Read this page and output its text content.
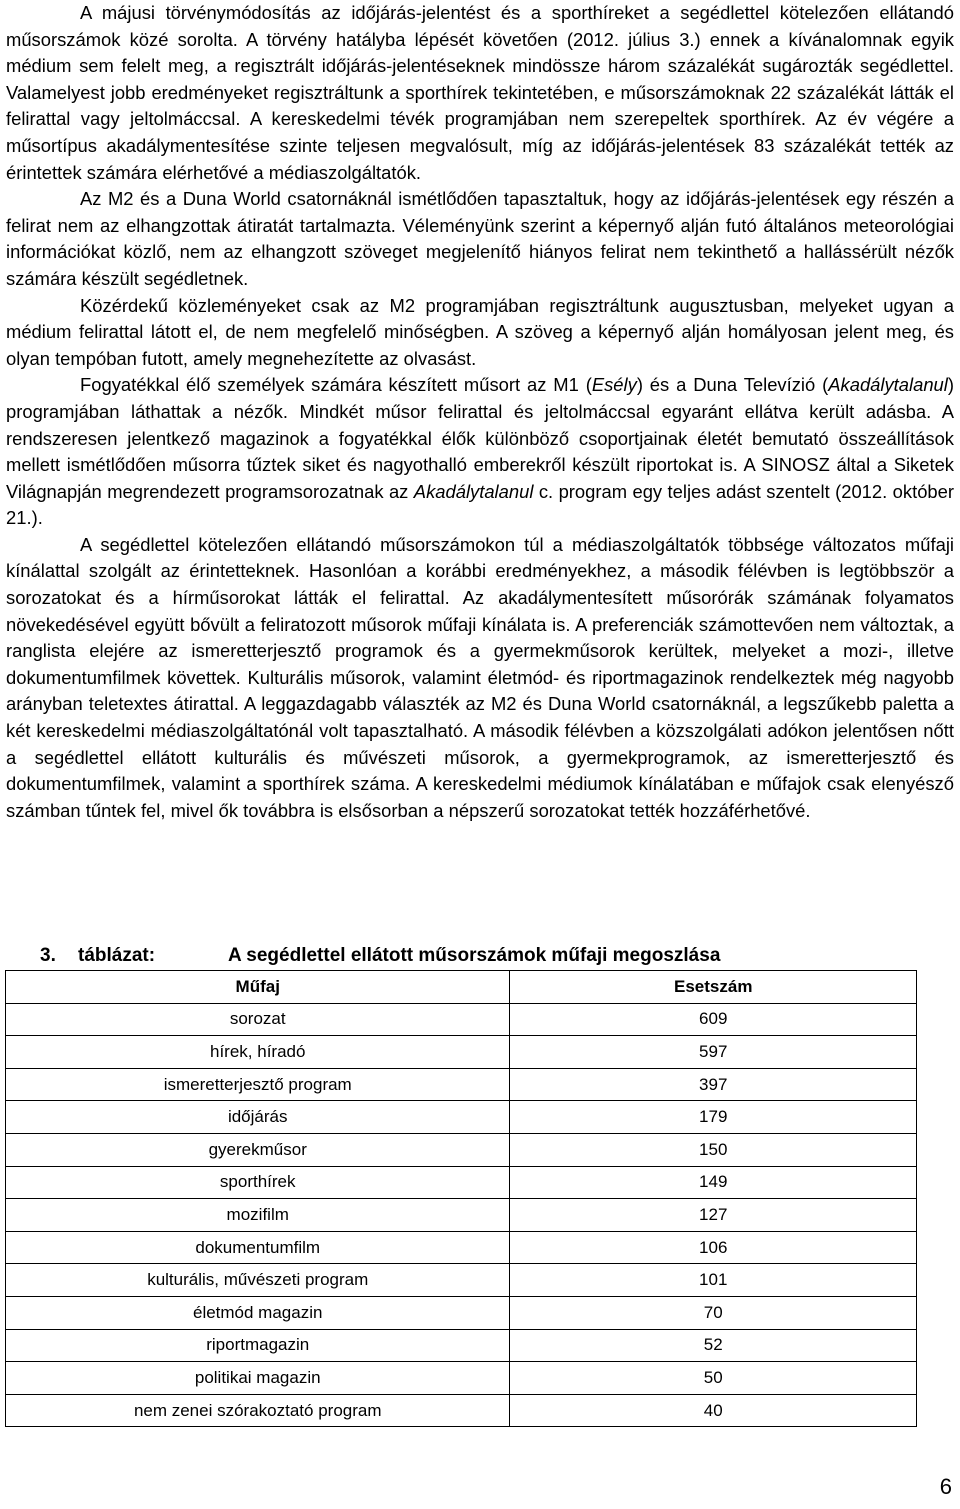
A májusi törvénymódosítás az időjárás-jelentést és a sporthíreket a segédlettel kötelezően ellátandó műsorszámok közé sorolta. A törvény hatályba lépését követően (2012. július 3.) ennek a kívánalomnak egyik médium sem felelt meg, a regisztrált időjárás-jelentéseknek mindössze három százalékát sugározták segédlettel. Valamelyest jobb eredményeket regisztráltunk a sporthírek tekintetében, e műsorszámoknak 22 százalékát látták el felirattal vagy jeltolmáccsal. A kereskedelmi tévék programjában nem szerepeltek sporthírek. Az év végére a műsortípus akadálymentesítése szinte teljesen megvalósult, míg az időjárás-jelentések 83 százalékát tették az érintettek számára elérhetővé a médiaszolgáltatók.

Az M2 és a Duna World csatornáknál ismétlődően tapasztaltuk, hogy az időjárás-jelentések egy részén a felirat nem az elhangzottak átiratát tartalmazta. Véleményünk szerint a képernyő alján futó általános meteorológiai információkat közlő, nem az elhangzott szöveget megjelenítő hiányos felirat nem tekinthető a hallássérült nézők számára készült segédletnek.

Közérdekű közleményeket csak az M2 programjában regisztráltunk augusztusban, melyeket ugyan a médium felirattal látott el, de nem megfelelő minőségben. A szöveg a képernyő alján homályosan jelent meg, és olyan tempóban futott, amely megnehezítette az olvasást.

Fogyatékkal élő személyek számára készített műsort az M1 (Esély) és a Duna Televízió (Akadálytalanul) programjában láthattak a nézők. Mindkét műsor felirattal és jeltolmáccsal egyaránt ellátva került adásba. A rendszeresen jelentkező magazinok a fogyatékkal élők különböző csoportjainak életét bemutató összeállítások mellett ismétlődően műsorra tűztek siket és nagyothalló emberekről készült riportokat is. A SINOSZ által a Siketek Világnapján megrendezett programsorozatnak az Akadálytalanul c. program egy teljes adást szentelt (2012. október 21.).

A segédlettel kötelezően ellátandó műsorszámokon túl a médiaszolgáltatók többsége változatos műfaji kínálattal szolgált az érintetteknek. Hasonlóan a korábbi eredményekhez, a második félévben is legtöbbször a sorozatokat és a hírműsorokat látták el felirattal. Az akadálymentesített műsorórák számának folyamatos növekedésével együtt bővült a feliratozott műsorok műfaji kínálata is. A preferenciák számottevően nem változtak, a ranglista elejére az ismeretterjesztő programok és a gyermekműsorok kerültek, melyeket a mozi-, illetve dokumentumfilmek követtek. Kulturális műsorok, valamint életmód- és riportmagazinok rendelkeztek még nagyobb arányban teletextes átirattal. A leggazdagabb választék az M2 és Duna World csatornáknál, a legszűkebb paletta a két kereskedelmi médiaszolgáltatónál volt tapasztalható. A második félévben a közszolgálati adókon jelentősen nőtt a segédlettel ellátott kulturális és művészeti műsorok, a gyermekprogramok, az ismeretterjesztő és dokumentumfilmek, valamint a sporthírek száma. A kereskedelmi médiumok kínálatában e műfajok csak elenyésző számban tűntek fel, mivel ők továbbra is elsősorban a népszerű sorozatokat tették hozzáférhetővé.

3. táblázat:	A segédlettel ellátott műsorszámok műfaji megoszlása
Műfaj	Esetszám
sorozat	609
hírek, híradó	597
ismeretterjesztő program	397
időjárás	179
gyerekműsor	150
sporthírek	149
mozifilm	127
dokumentumfilm	106
kulturális, művészeti program	101
életmód magazin	70
riportmagazin	52
politikai magazin	50
nem zenei szórakoztató program	40
6
